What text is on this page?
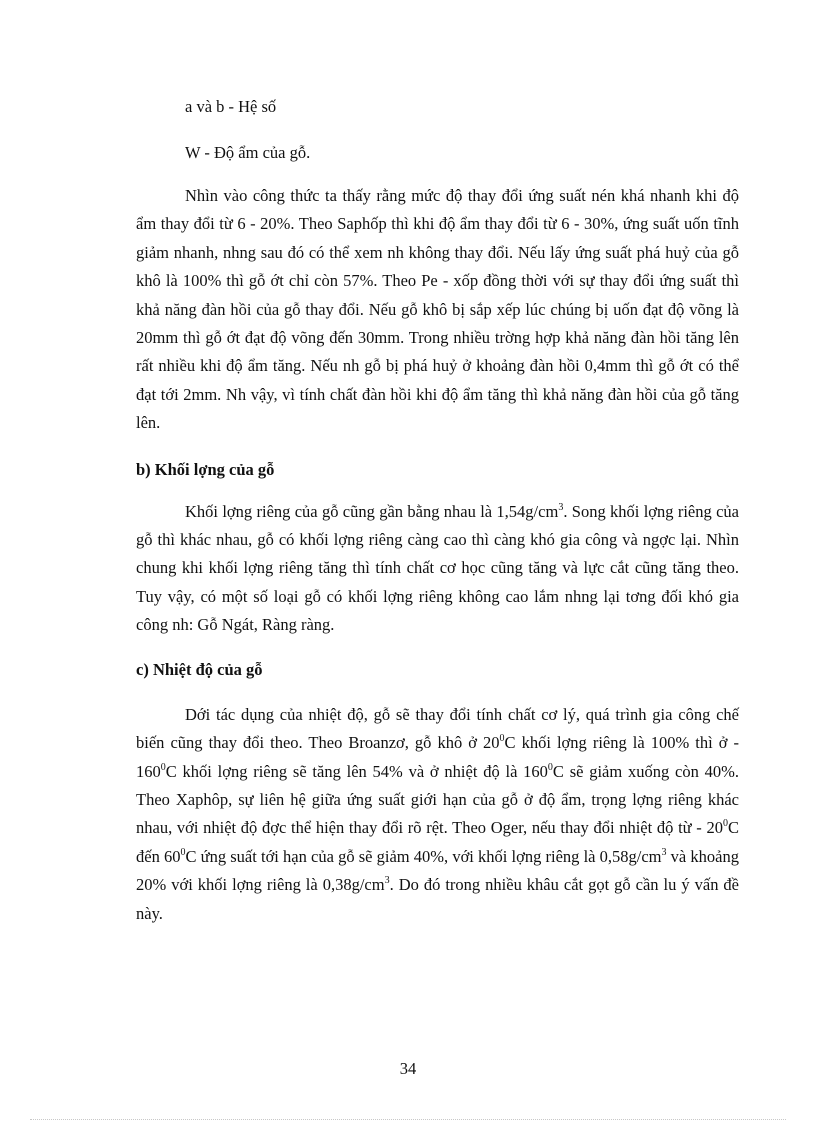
a và b - Hệ số

W - Độ ẩm của gỗ.

Nhìn vào công thức ta thấy rằng mức độ thay đổi ứng suất nén khá nhanh khi độ ẩm thay đổi từ 6 - 20%. Theo Saphốp thì khi độ ẩm thay đổi từ 6 - 30%, ứng suất uốn tĩnh giảm nhanh, nhng sau đó có thể xem nh không thay đổi. Nếu lấy ứng suất phá huỷ của gỗ khô là 100% thì gỗ ớt chỉ còn 57%. Theo Pe - xốp đồng thời với sự thay đổi ứng suất thì khả năng đàn hồi của gỗ thay đổi. Nếu gỗ khô bị sắp xếp lúc chúng bị uốn đạt độ võng là 20mm thì gỗ ớt đạt độ võng đến 30mm. Trong nhiều trờng hợp khả năng đàn hồi tăng lên rất nhiều khi độ ẩm tăng. Nếu nh gỗ bị phá huỷ ở khoảng đàn hồi 0,4mm thì gỗ ớt có thể đạt tới 2mm. Nh vậy, vì tính chất đàn hồi khi độ ẩm tăng thì khả năng đàn hồi của gỗ tăng lên.

b) Khối lợng của gỗ

Khối lợng riêng của gỗ cũng gần bằng nhau là $1,54g/cm^3$. Song khối lợng riêng của gỗ thì khác nhau, gỗ có khối lợng riêng càng cao thì càng khó gia công và ngợc lại. Nhìn chung khi khối lợng riêng tăng thì tính chất cơ học cũng tăng và lực cắt cũng tăng theo. Tuy vậy, có một số loại gỗ có khối lợng riêng không cao lắm nhng lại tơng đối khó gia công nh: Gỗ Ngát, Ràng ràng.

c) Nhiệt độ của gỗ

Dới tác dụng của nhiệt độ, gỗ sẽ thay đổi tính chất cơ lý, quá trình gia công chế biến cũng thay đổi theo. Theo Broanzơ, gỗ khô ở $20^0C$ khối lợng riêng là 100% thì ở - $160^0C$ khối lợng riêng sẽ tăng lên 54% và ở nhiệt độ là $160^0C$ sẽ giảm xuống còn 40%. Theo Xaphôp, sự liên hệ giữa ứng suất giới hạn của gỗ ở độ ẩm, trọng lợng riêng khác nhau, với nhiệt độ đợc thể hiện thay đổi rõ rệt. Theo Oger, nếu thay đổi nhiệt độ từ - $20^0C$ đến $60^0C$ ứng suất tới hạn của gỗ sẽ giảm 40%, với khối lợng riêng là $0,58g/cm^3$ và khoảng 20% với khối lợng riêng là $0,38g/cm^3$. Do đó trong nhiều khâu cắt gọt gỗ cần lu ý vấn đề này.

34
